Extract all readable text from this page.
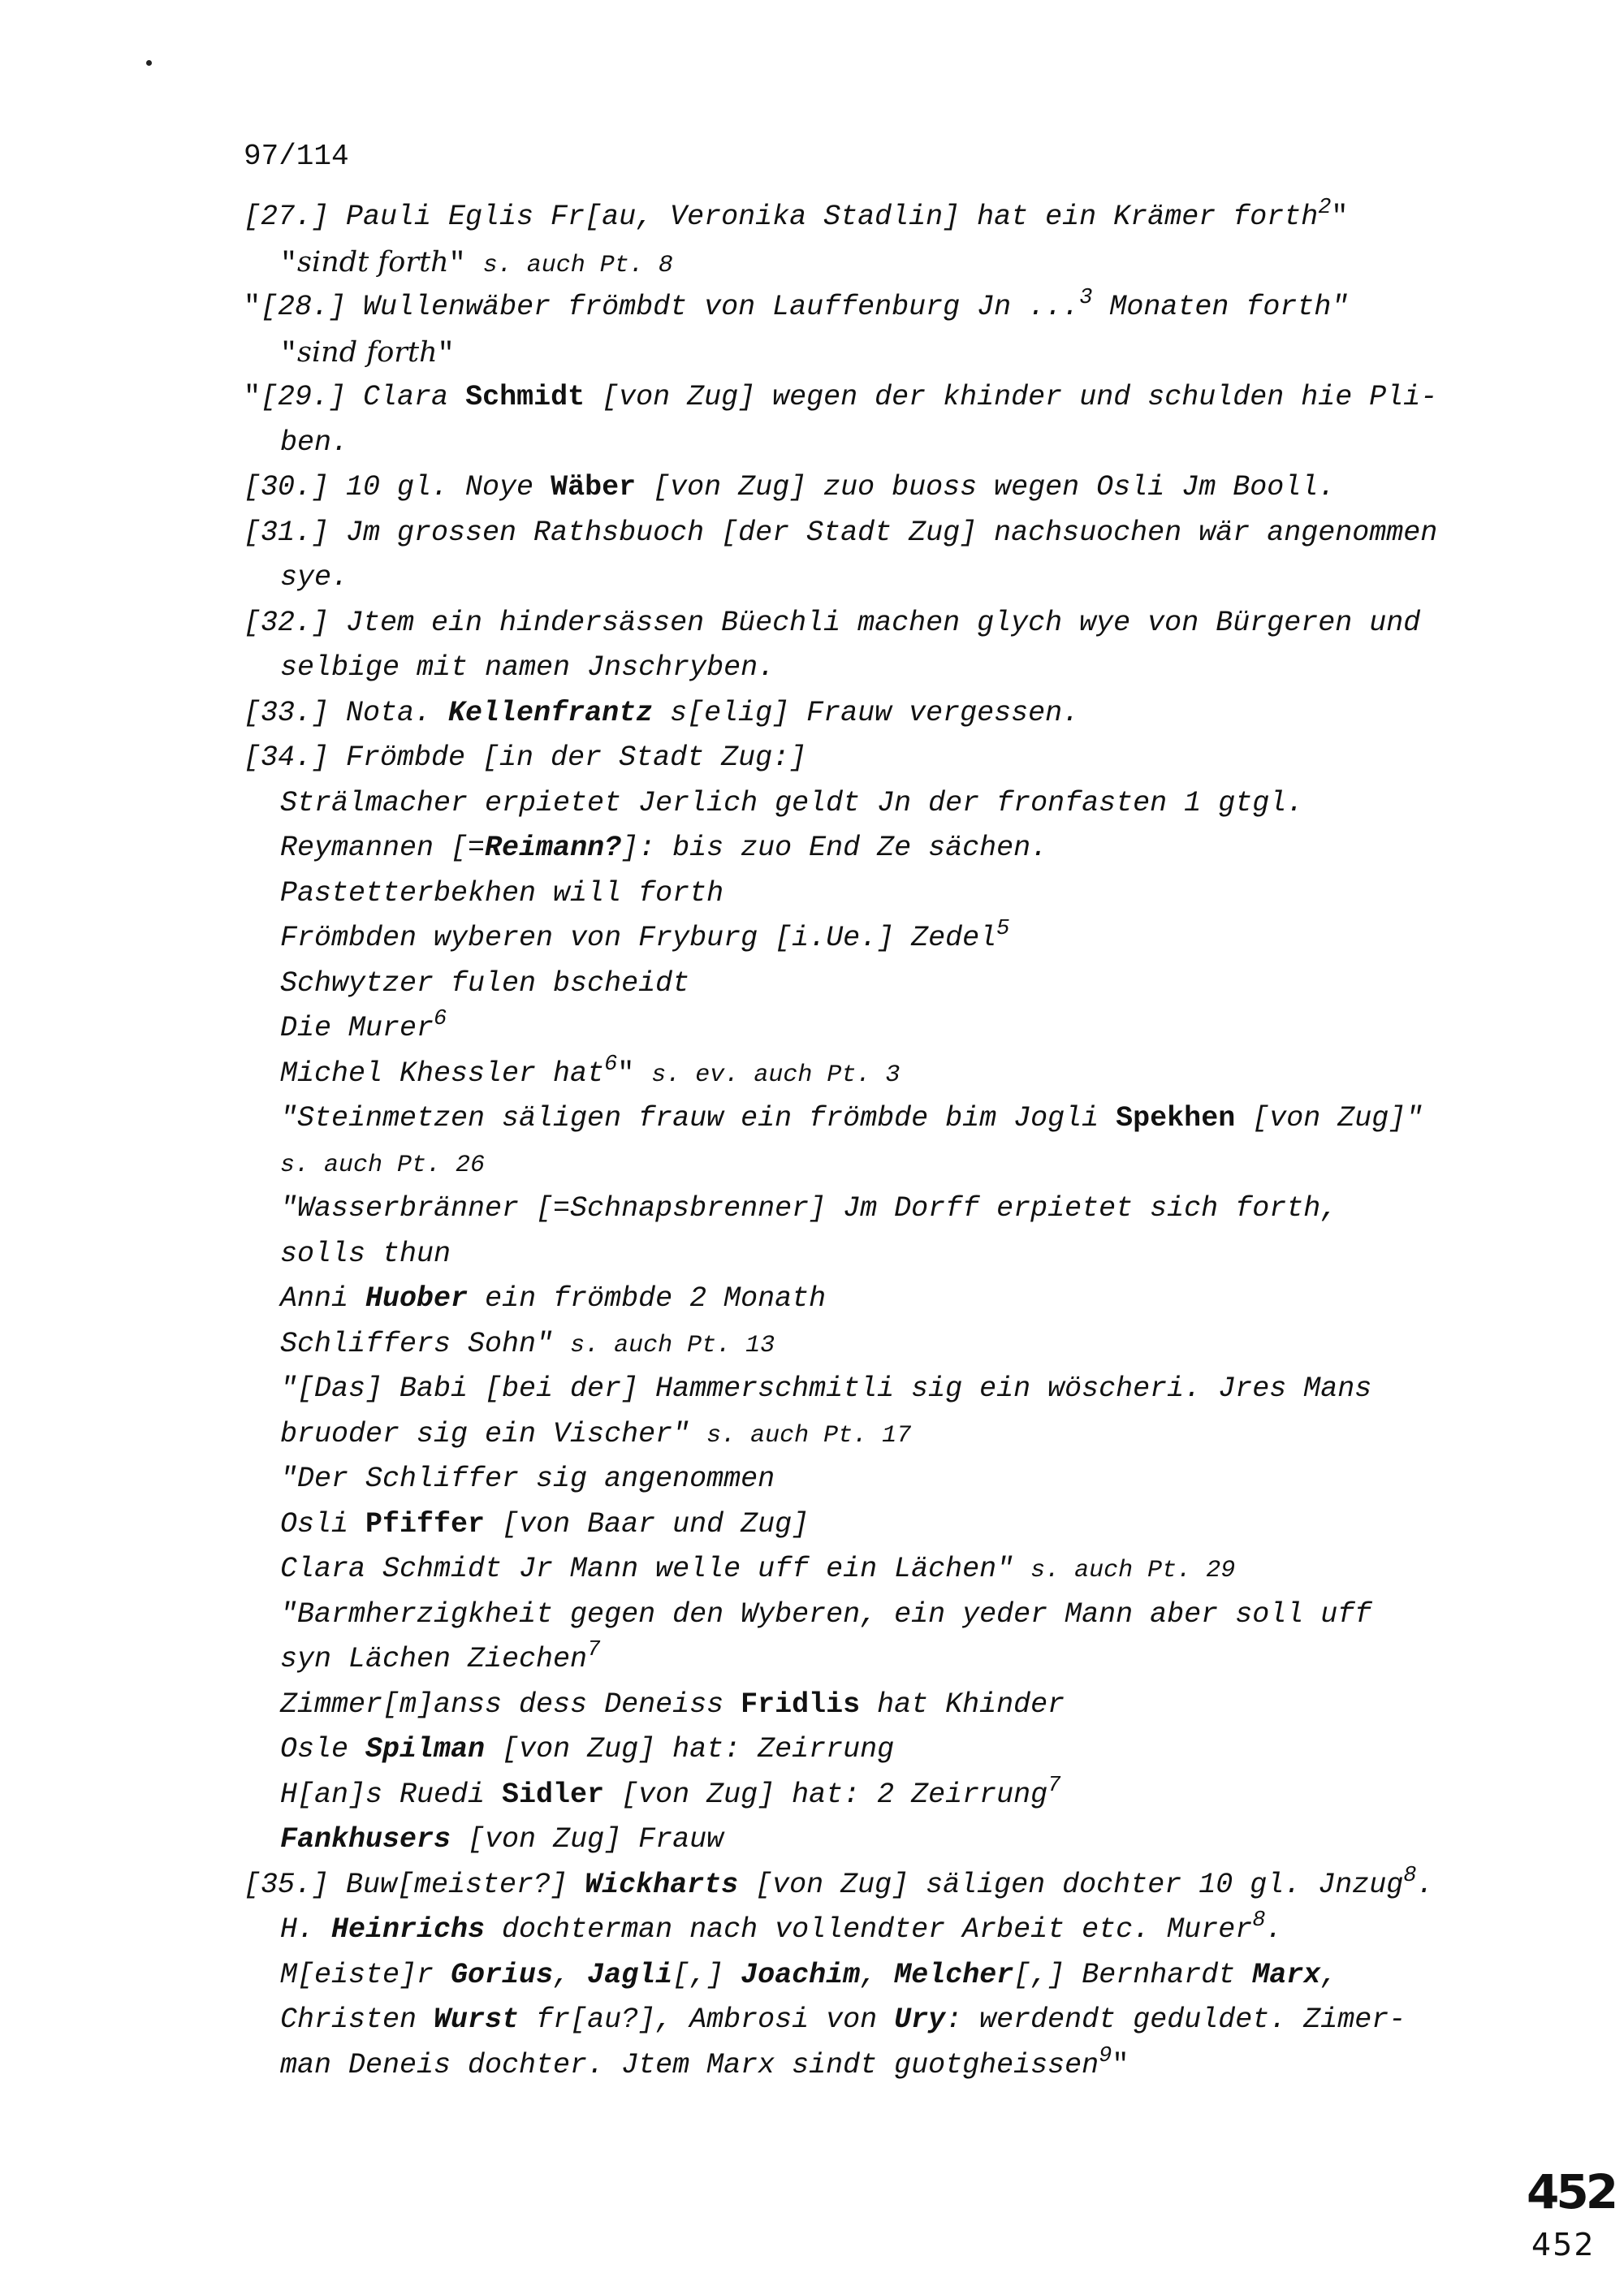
97/114
[27.] Pauli Eglis Fr[au, Veronika Stadlin] hat ein Krämer forth$^2$"
"sindt forth" s. auch Pt. 8
"[28.] Wullenwäber frömbdt von Lauffenburg Jn ...$^3$ Monaten forth"
"sind forth"
"[29.] Clara Schmidt [von Zug] wegen der khinder und schulden hie Pli-
ben.
[30.] 10 gl. Noye Wäber [von Zug] zuo buoss wegen Osli Jm Booll.
[31.] Jm grossen Rathsbuoch [der Stadt Zug] nachsuochen wär angenommen
sye.
[32.] Jtem ein hindersässen Büechli machen glych wye von Bürgeren und
selbige mit namen Jnschryben.
[33.] Nota. Kellenfrantz s[elig] Frauw vergessen.
[34.] Frömbde [in der Stadt Zug:]
Strälmacher erpietet Jerlich geldt Jn der fronfasten 1 gtgl.
Reymannen [=Reimann?]: bis zuo End Ze sächen.
Pastetterbekhen will forth
Frömbden wyberen von Fryburg [i.Ue.] Zedel$^5$
Schwytzer fulen bscheidt
Die Murer$^6$
Michel Khessler hat$^6$" s. ev. auch Pt. 3
"Steinmetzen säligen frauw ein frömbde bim Jogli Spekhen [von Zug]"
s. auch Pt. 26
"Wasserbränner [=Schnapsbrenner] Jm Dorff erpietet sich forth,
solls thun
Anni Huober ein frömbde 2 Monath
Schliffers Sohn" s. auch Pt. 13
"[Das] Babi [bei der] Hammerschmitli sig ein wöscheri. Jres Mans
bruoder sig ein Vischer" s. auch Pt. 17
"Der Schliffer sig angenommen
Osli Pfiffer [von Baar und Zug]
Clara Schmidt Jr Mann welle uff ein Lächen" s. auch Pt. 29
"Barmherzigkheit gegen den Wyberen, ein yeder Mann aber soll uff
syn Lächen Ziechen$^7$
Zimmer[m]anss dess Deneiss Fridlis hat Khinder
Osle Spilman [von Zug] hat: Zeirrung
H[an]s Ruedi Sidler [von Zug] hat: 2 Zeirrung$^7$
Fankhusers [von Zug] Frauw
[35.] Buw[meister?] Wickharts [von Zug] säligen dochter 10 gl. Jnzug$^8$.
H. Heinrichs dochterman nach vollendter Arbeit etc. Murer$^8$.
M[eiste]r Gorius, Jagli[,] Joachim, Melcher[,] Bernhardt Marx,
Christen Wurst fr[au?], Ambrosi von Ury: werdendt geduldet. Zimer-
man Deneis dochter. Jtem Marx sindt guotgheissen$^9$"
452
452
